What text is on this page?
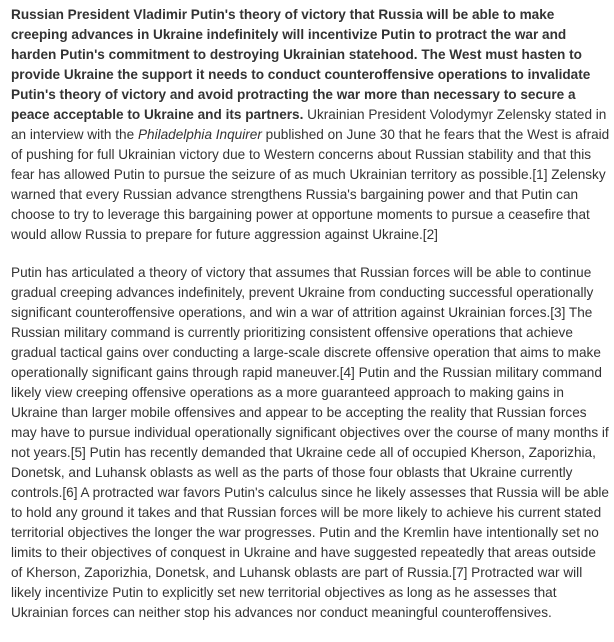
Russian President Vladimir Putin's theory of victory that Russia will be able to make creeping advances in Ukraine indefinitely will incentivize Putin to protract the war and harden Putin's commitment to destroying Ukrainian statehood. The West must hasten to provide Ukraine the support it needs to conduct counteroffensive operations to invalidate Putin's theory of victory and avoid protracting the war more than necessary to secure a peace acceptable to Ukraine and its partners. Ukrainian President Volodymyr Zelensky stated in an interview with the Philadelphia Inquirer published on June 30 that he fears that the West is afraid of pushing for full Ukrainian victory due to Western concerns about Russian stability and that this fear has allowed Putin to pursue the seizure of as much Ukrainian territory as possible.[1] Zelensky warned that every Russian advance strengthens Russia's bargaining power and that Putin can choose to try to leverage this bargaining power at opportune moments to pursue a ceasefire that would allow Russia to prepare for future aggression against Ukraine.[2]

Putin has articulated a theory of victory that assumes that Russian forces will be able to continue gradual creeping advances indefinitely, prevent Ukraine from conducting successful operationally significant counteroffensive operations, and win a war of attrition against Ukrainian forces.[3] The Russian military command is currently prioritizing consistent offensive operations that achieve gradual tactical gains over conducting a large-scale discrete offensive operation that aims to make operationally significant gains through rapid maneuver.[4] Putin and the Russian military command likely view creeping offensive operations as a more guaranteed approach to making gains in Ukraine than larger mobile offensives and appear to be accepting the reality that Russian forces may have to pursue individual operationally significant objectives over the course of many months if not years.[5] Putin has recently demanded that Ukraine cede all of occupied Kherson, Zaporizhia, Donetsk, and Luhansk oblasts as well as the parts of those four oblasts that Ukraine currently controls.[6] A protracted war favors Putin's calculus since he likely assesses that Russia will be able to hold any ground it takes and that Russian forces will be more likely to achieve his current stated territorial objectives the longer the war progresses. Putin and the Kremlin have intentionally set no limits to their objectives of conquest in Ukraine and have suggested repeatedly that areas outside of Kherson, Zaporizhia, Donetsk, and Luhansk oblasts are part of Russia.[7] Protracted war will likely incentivize Putin to explicitly set new territorial objectives as long as he assesses that Ukrainian forces can neither stop his advances nor conduct meaningful counteroffensives.
